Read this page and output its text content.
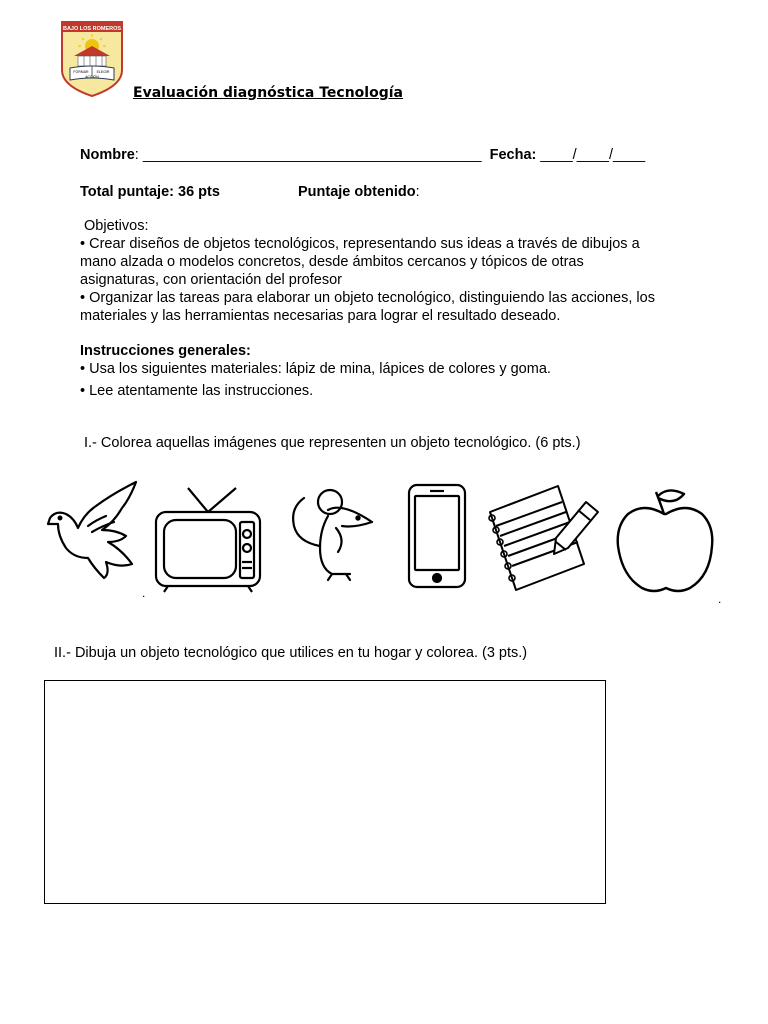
BAJO LOS ROMEROS
FORMAR ELEGIR
ACCIÓN
Evaluación diagnóstica Tecnología
Nombre: __________________________________________ Fecha: ____/____/____
Total puntaje: 36 pts	Puntaje obtenido:
Objetivos:
• Crear diseños de objetos tecnológicos, representando sus ideas a través de dibujos a
mano alzada o modelos concretos, desde ámbitos cercanos y tópicos de otras
asignaturas, con orientación del profesor
• Organizar las tareas para elaborar un objeto tecnológico, distinguiendo las acciones, los
materiales y las herramientas necesarias para lograr el resultado deseado.
Instrucciones generales:
• Usa los siguientes materiales: lápiz de mina, lápices de colores y goma.
• Lee atentamente las instrucciones.
I.- Colorea aquellas imágenes que represent​en un objeto tecnológico. (6 pts.)
.	.
II.- Dibuja un objeto tecnológico que utilices en tu hogar y colorea. (3 pts.)
